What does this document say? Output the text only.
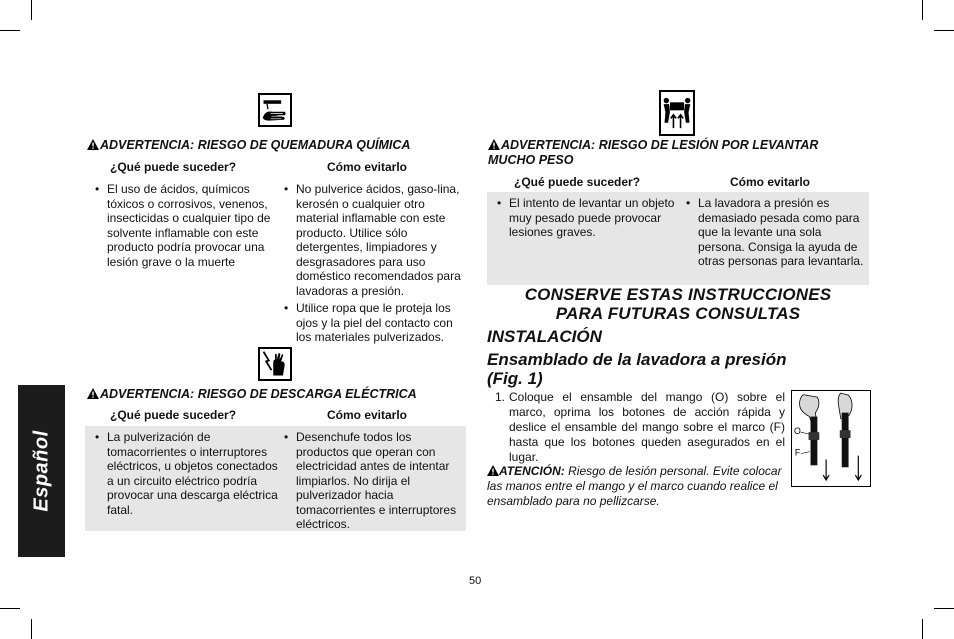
Español
ADVERTENCIA: RIESGO DE QUEMADURA QUÍMICA
¿Qué puede suceder?	Cómo evitarlo
• El uso de ácidos, químicos tóxicos o corrosivos, venenos, insecticidas o cualquier tipo de solvente inflamable con este producto podría provocar una lesión grave o la muerte
• No pulverice ácidos, gaso-lina, kerosén o cualquier otro material inflamable con este producto. Utilice sólo detergentes, limpiadores y desgrasadores para uso doméstico recomendados para lavadoras a presión.
• Utilice ropa que le proteja los ojos y la piel del contacto con los materiales pulverizados.
ADVERTENCIA: RIESGO DE DESCARGA ELÉCTRICA
¿Qué puede suceder?	Cómo evitarlo
• La pulverización de tomacorrientes o interruptores eléctricos, u objetos conectados a un circuito eléctrico podría provocar una descarga eléctrica fatal.
• Desenchufe todos los productos que operan con electricidad antes de intentar limpiarlos. No dirija el pulverizador hacia tomacorrientes e interruptores eléctricos.
ADVERTENCIA: RIESGO DE LESIÓN POR LEVANTAR
MUCHO PESO
¿Qué puede suceder?	Cómo evitarlo
• El intento de levantar un objeto muy pesado puede provocar lesiones graves.
• La lavadora a presión es demasiado pesada como para que la levante una sola persona. Consiga la ayuda de otras personas para levantarla.
CONSERVE ESTAS INSTRUCCIONES
PARA FUTURAS CONSULTAS
INSTALACIÓN
Ensamblado de la lavadora a presión
(Fig. 1)
1. Coloque el ensamble del mango (O) sobre el marco, oprima los botones de acción rápida y deslice el ensamble del mango sobre el marco (F) hasta que los botones queden asegurados en el lugar.
ATENCIÓN: Riesgo de lesión personal. Evite colocar las manos entre el mango y el marco cuando realice el ensamblado para no pellizcarse.
O
F
50
